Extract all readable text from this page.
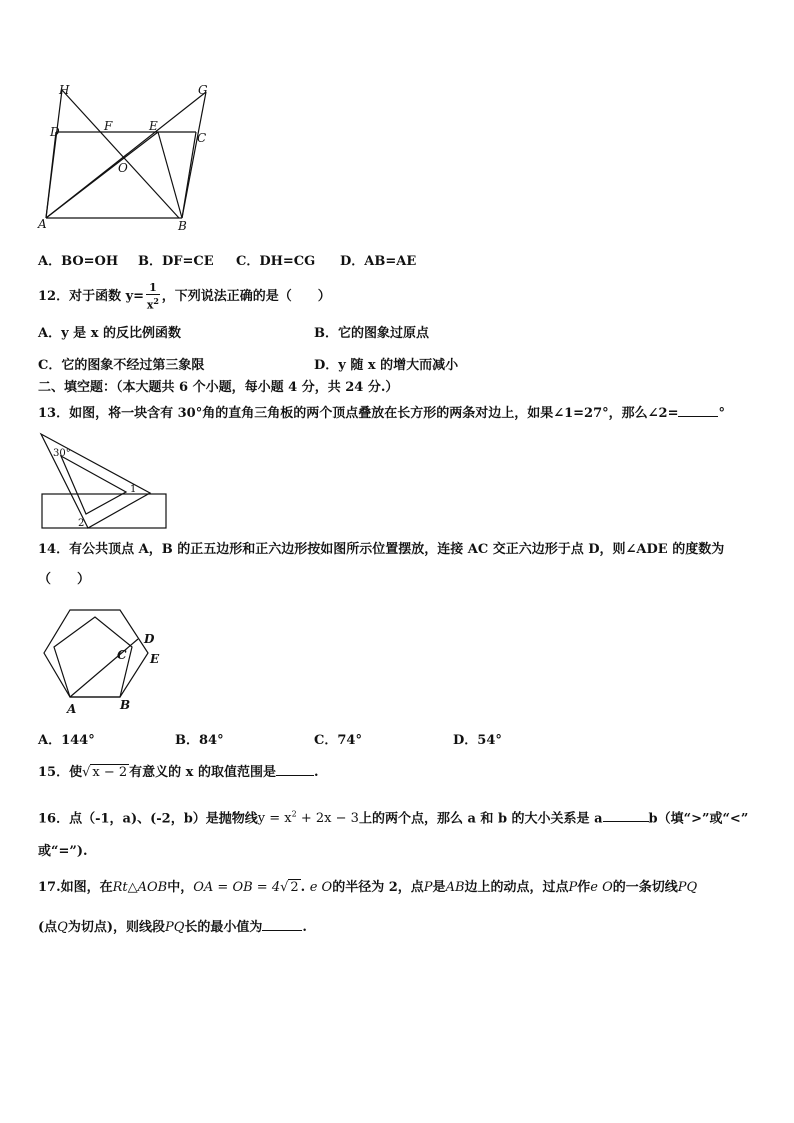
H	G
D	F	E
C
O
A	B
A．BO=OH B．DF=CE C．DH=CG D．AB=AE
12．对于函数 $y= \frac{1}{x^2}$ ，下列说法正确的是（　　）
A．y 是 x 的反比例函数	B．它的图象过原点
C．它的图象不经过第三象限	D．y 随 x 的增大而减小
二、填空题：（本大题共 6 个小题，每小题 4 分，共 24 分.）
13．如图，将一块含有 30°角的直角三角板的两个顶点叠放在长方形的两条对边上，如果∠1=27°，那么∠2=	°
30°
1
2
14．有公共顶点 A，B 的正五边形和正六边形按如图所示位置摆放，连接 AC 交正六边形于点 D，则∠ADE 的度数为
（　　）
D
C E
A	B
A．144°	B．84°	C．74°	D．54°
15．使√ x − 2 有意义的 x 的取值范围是	.
16．点（-1，a)、(-2，b）是抛物线$y = x^2 + 2x - 3$上的两个点，那么 a 和 b 的大小关系是 a	b（填“>”或“<”
或“=”).
17.如图，在Rt△AOB中，OA = OB = 4√ 2 . e O的半径为 2，点P是AB边上的动点，过点P作e O的一条切线PQ
(点Q为切点)，则线段PQ长的最小值为	.
